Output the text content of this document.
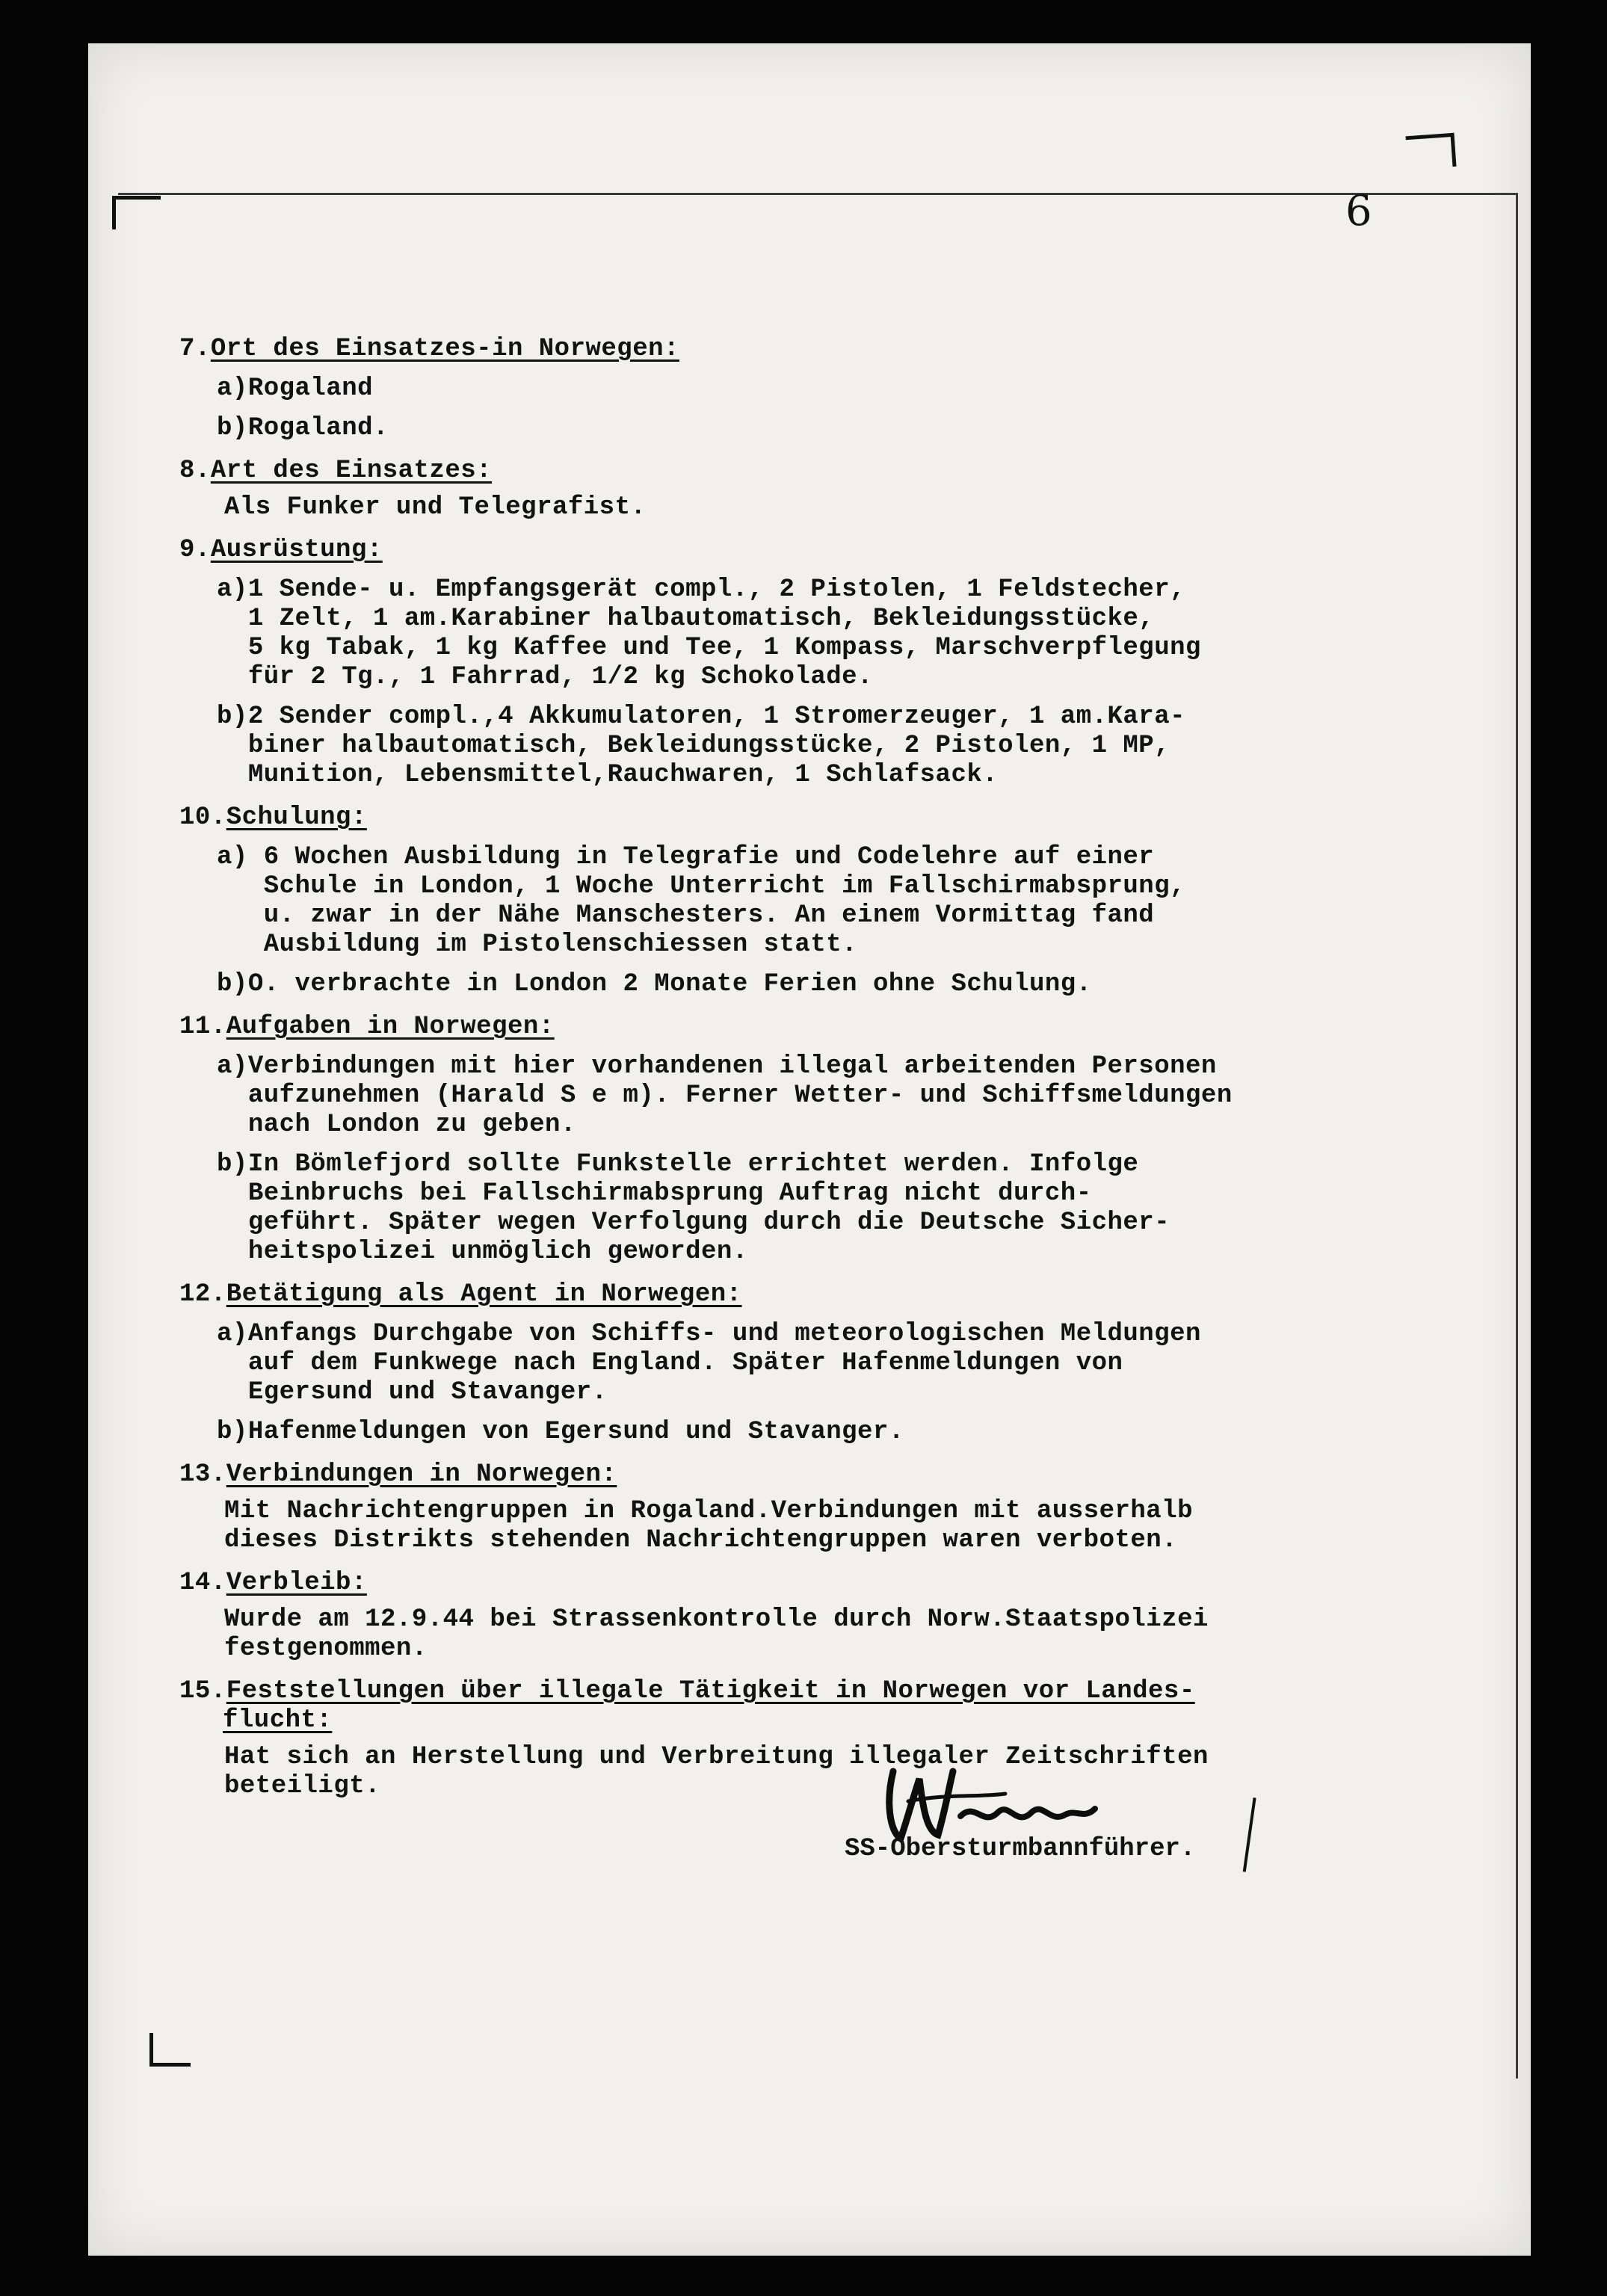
6
7. Ort des Einsatzes-in Norwegen:
a) Rogaland
b) Rogaland.
8. Art des Einsatzes:
Als Funker und Telegrafist.
9. Ausrüstung:
a) 1 Sende- u. Empfangsgerät compl., 2 Pistolen, 1 Feldstecher,
1 Zelt, 1 am.Karabiner halbautomatisch, Bekleidungsstücke,
5 kg Tabak, 1 kg Kaffee und Tee, 1 Kompass, Marschverpflegung
für 2 Tg., 1 Fahrrad, 1/2 kg Schokolade.
b) 2 Sender compl.,4 Akkumulatoren, 1 Stromerzeuger, 1 am.Kara-
biner halbautomatisch, Bekleidungsstücke, 2 Pistolen, 1 MP,
Munition, Lebensmittel,Rauchwaren, 1 Schlafsack.
10. Schulung:
a) 6 Wochen Ausbildung in Telegrafie und Codelehre auf einer
Schule in London, 1 Woche Unterricht im Fallschirmabsprung,
u. zwar in der Nähe Manschesters. An einem Vormittag fand
Ausbildung im Pistolenschiessen statt.
b) O. verbrachte in London 2 Monate Ferien ohne Schulung.
11. Aufgaben in Norwegen:
a) Verbindungen mit hier vorhandenen illegal arbeitenden Personen
aufzunehmen (Harald S e m). Ferner Wetter- und Schiffsmeldungen
nach London zu geben.
b) In Bömlefjord sollte Funkstelle errichtet werden. Infolge
Beinbruchs bei Fallschirmabsprung Auftrag nicht durch-
geführt. Später wegen Verfolgung durch die Deutsche Sicher-
heitspolizei unmöglich geworden.
12. Betätigung als Agent in Norwegen:
a) Anfangs Durchgabe von Schiffs- und meteorologischen Meldungen
auf dem Funkwege nach England. Später Hafenmeldungen von
Egersund und Stavanger.
b) Hafenmeldungen von Egersund und Stavanger.
13. Verbindungen in Norwegen:
Mit Nachrichtengruppen in Rogaland.Verbindungen mit ausserhalb
dieses Distrikts stehenden Nachrichtengruppen waren verboten.
14. Verbleib:
Wurde am 12.9.44 bei Strassenkontrolle durch Norw.Staatspolizei
festgenommen.
15. Feststellungen über illegale Tätigkeit in Norwegen vor Landes-
flucht:
Hat sich an Herstellung und Verbreitung illegaler Zeitschriften
beteiligt.
SS-Obersturmbannführer.
